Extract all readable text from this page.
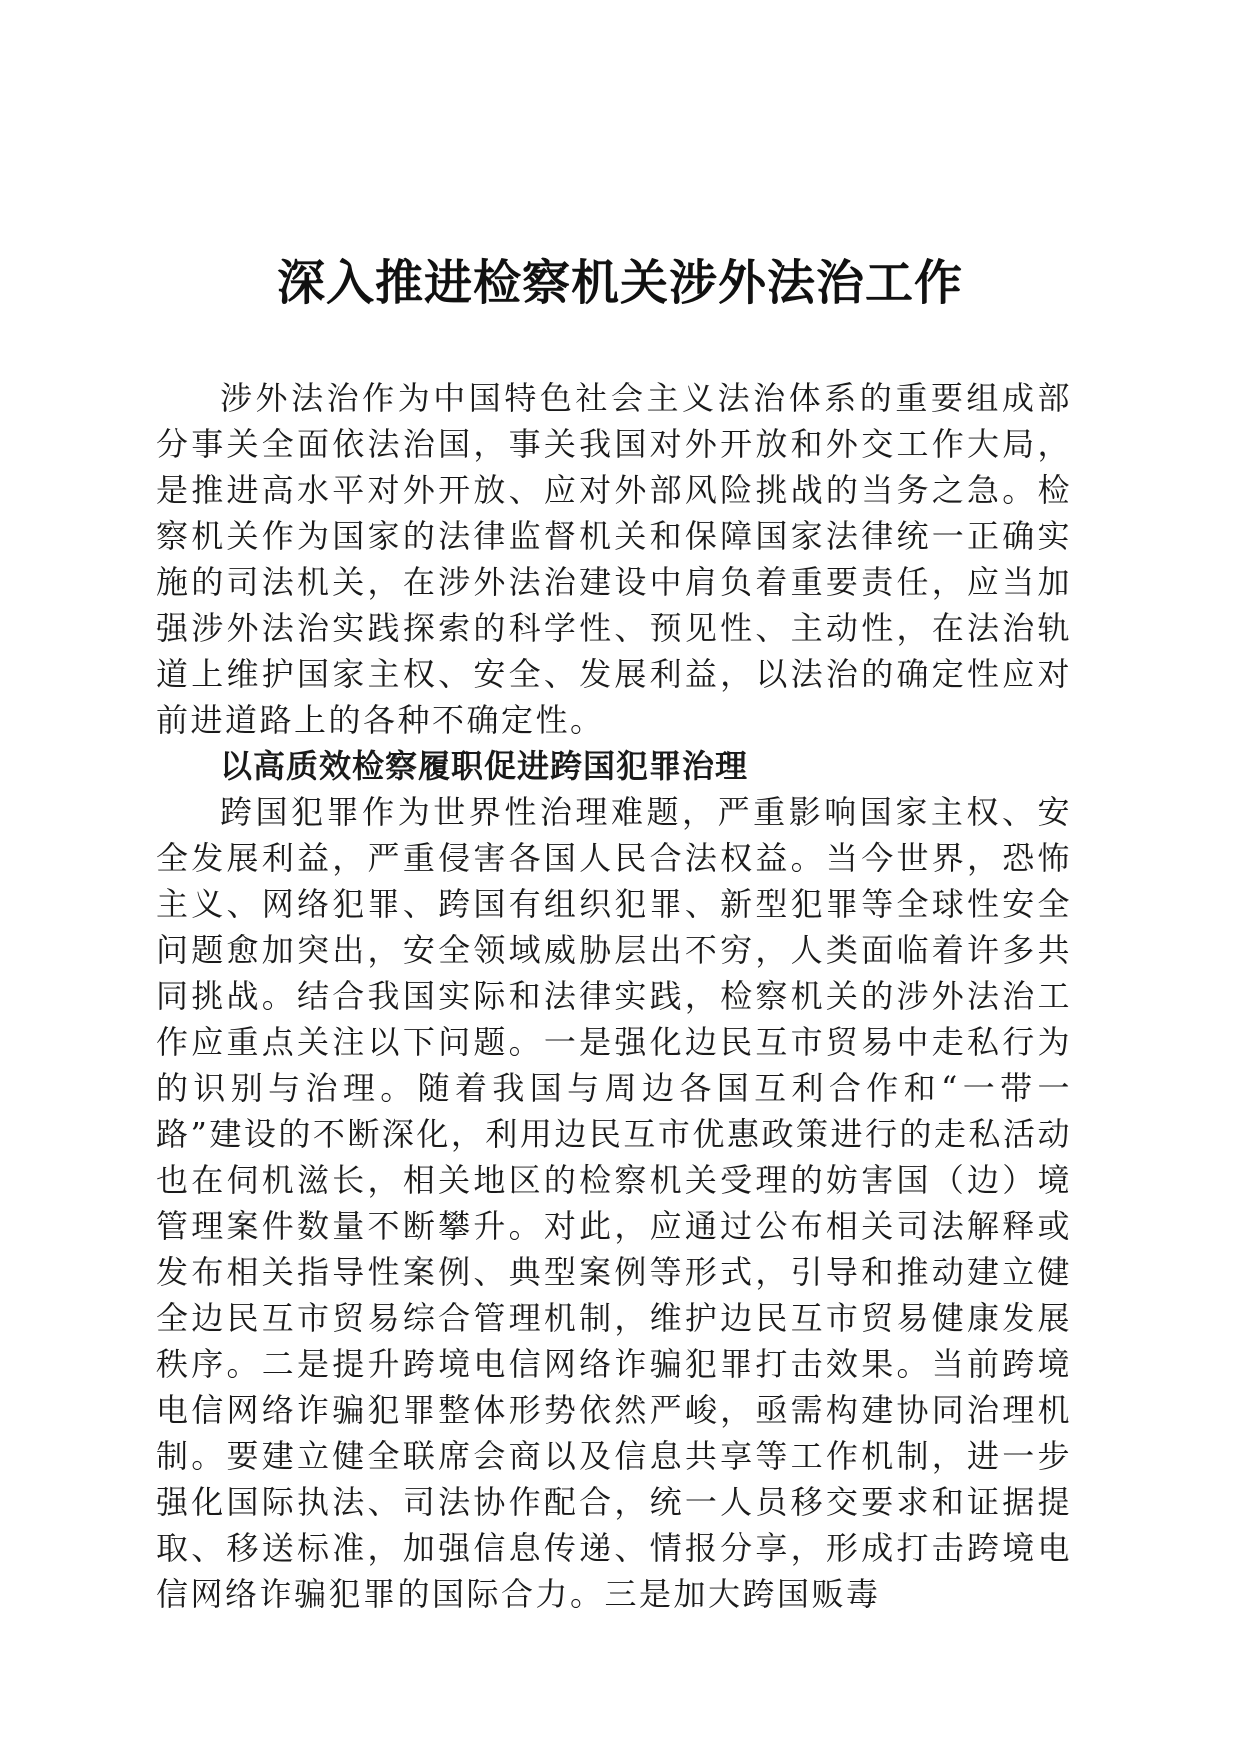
深入推进检察机关涉外法治工作

涉外法治作为中国特色社会主义法治体系的重要组成部分事关全面依法治国，事关我国对外开放和外交工作大局，是推进高水平对外开放、应对外部风险挑战的当务之急。检察机关作为国家的法律监督机关和保障国家法律统一正确实施的司法机关，在涉外法治建设中肩负着重要责任，应当加强涉外法治实践探索的科学性、预见性、主动性，在法治轨道上维护国家主权、安全、发展利益，以法治的确定性应对前进道路上的各种不确定性。

以高质效检察履职促进跨国犯罪治理

跨国犯罪作为世界性治理难题，严重影响国家主权、安全发展利益，严重侵害各国人民合法权益。当今世界，恐怖主义、网络犯罪、跨国有组织犯罪、新型犯罪等全球性安全问题愈加突出，安全领域威胁层出不穷，人类面临着许多共同挑战。结合我国实际和法律实践，检察机关的涉外法治工作应重点关注以下问题。一是强化边民互市贸易中走私行为的识别与治理。随着我国与周边各国互利合作和“一带一路”建设的不断深化，利用边民互市优惠政策进行的走私活动也在伺机滋长，相关地区的检察机关受理的妨害国（边）境管理案件数量不断攀升。对此，应通过公布相关司法解释或发布相关指导性案例、典型案例等形式，引导和推动建立健全边民互市贸易综合管理机制，维护边民互市贸易健康发展秩序。二是提升跨境电信网络诈骗犯罪打击效果。当前跨境电信网络诈骗犯罪整体形势依然严峻，亟需构建协同治理机制。要建立健全联席会商以及信息共享等工作机制，进一步强化国际执法、司法协作配合，统一人员移交要求和证据提取、移送标准，加强信息传递、情报分享，形成打击跨境电信网络诈骗犯罪的国际合力。三是加大跨国贩毒
